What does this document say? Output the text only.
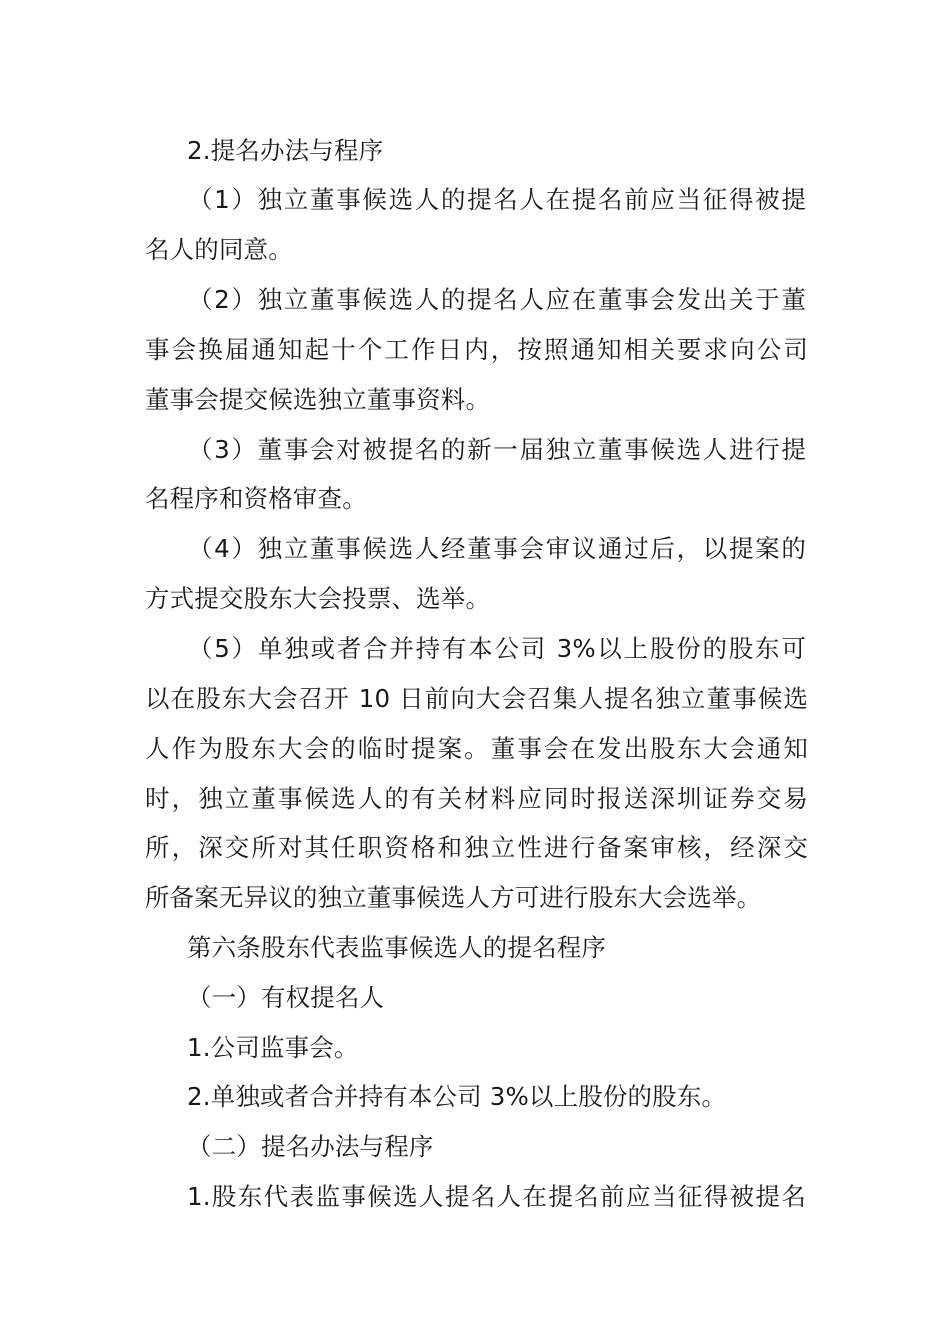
2.提名办法与程序
（1）独立董事候选人的提名人在提名前应当征得被提
名人的同意。
（2）独立董事候选人的提名人应在董事会发出关于董
事会换届通知起十个工作日内，按照通知相关要求向公司
董事会提交候选独立董事资料。
（3）董事会对被提名的新一届独立董事候选人进行提
名程序和资格审查。
（4）独立董事候选人经董事会审议通过后，以提案的
方式提交股东大会投票、选举。
（5）单独或者合并持有本公司 3%以上股份的股东可
以在股东大会召开 10 日前向大会召集人提名独立董事候选
人作为股东大会的临时提案。董事会在发出股东大会通知
时，独立董事候选人的有关材料应同时报送深圳证券交易
所，深交所对其任职资格和独立性进行备案审核，经深交
所备案无异议的独立董事候选人方可进行股东大会选举。
第六条股东代表监事候选人的提名程序
（一）有权提名人
1.公司监事会。
2.单独或者合并持有本公司 3%以上股份的股东。
（二）提名办法与程序
1.股东代表监事候选人提名人在提名前应当征得被提名
